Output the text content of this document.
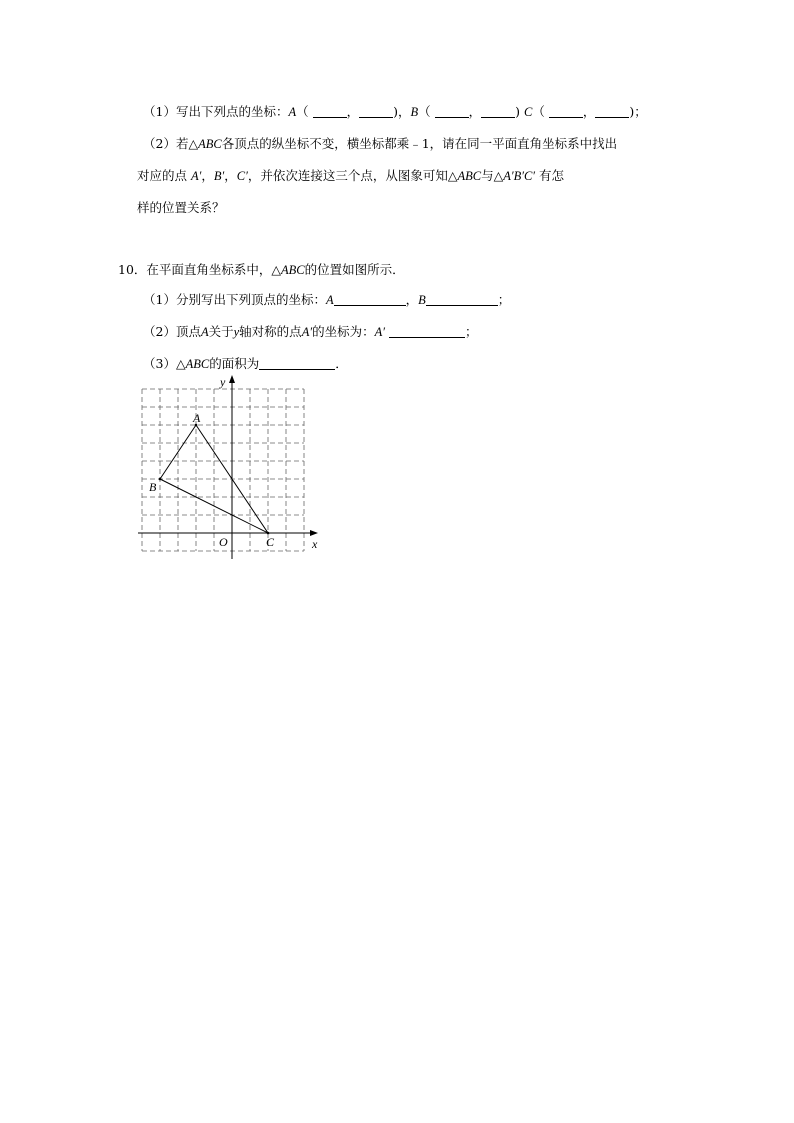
（1）写出下列点的坐标：A（	，	)，B（	，	) C（	，	)；
（2）若△ABC各顶点的纵坐标不变，横坐标都乘﹣1，请在同一平面直角坐标系中找出
对应的点 A′，B′，C′，并依次连接这三个点，从图象可知△ABC与△A′B′C′ 有怎
样的位置关系？
10．在平面直角坐标系中，△ABC的位置如图所示．
（1）分别写出下列顶点的坐标：A	，B	；
（2）顶点A关于y轴对称的点A′的坐标为：A′	；
（3）△ABC的面积为	．
x
y
O
A
B
C
